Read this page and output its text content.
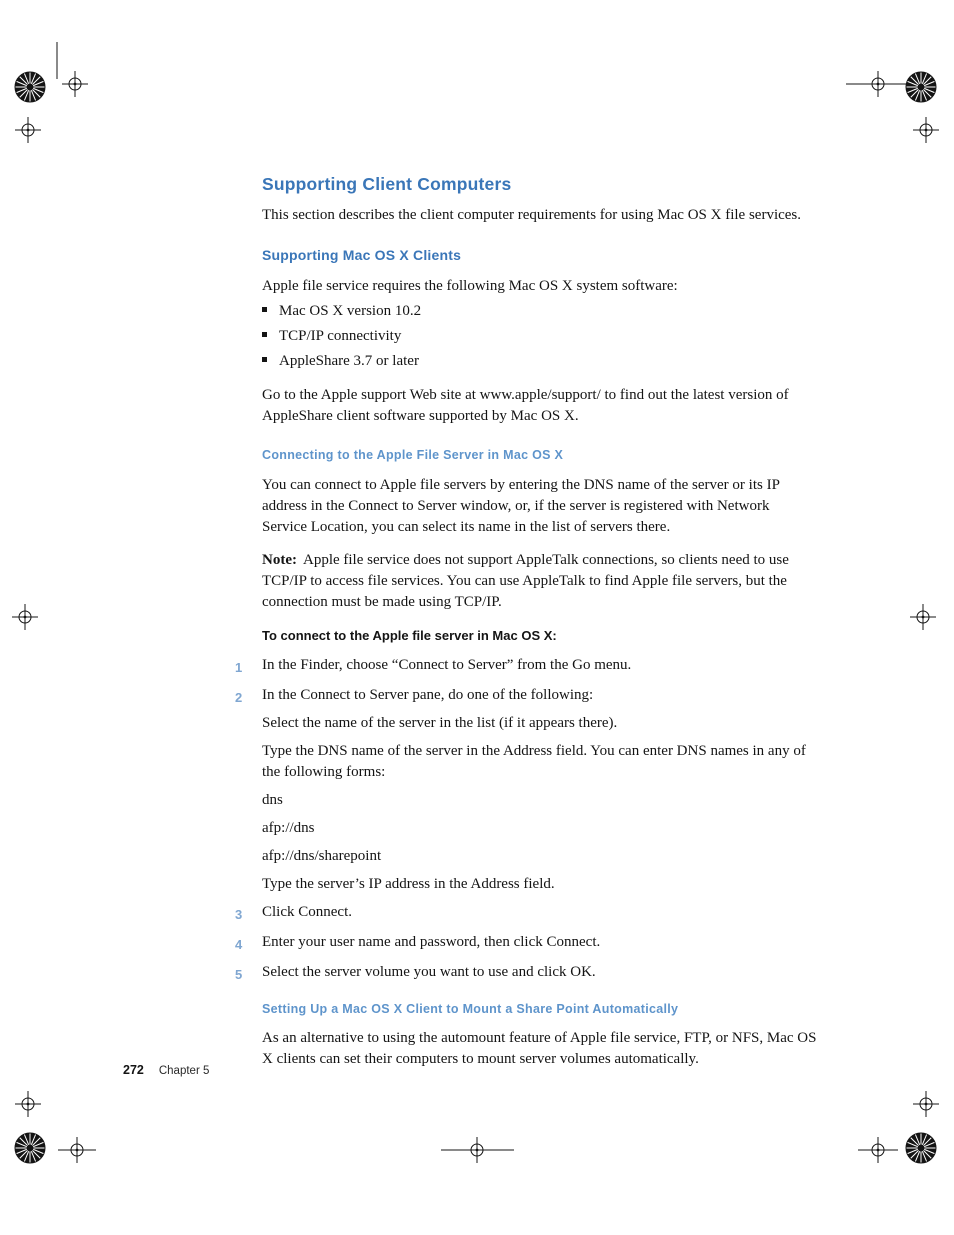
Supporting Client Computers

This section describes the client computer requirements for using Mac OS X file services.

Supporting Mac OS X Clients

Apple file service requires the following Mac OS X system software:

Mac OS X version 10.2
TCP/IP connectivity
AppleShare 3.7 or later

Go to the Apple support Web site at www.apple/support/ to find out the latest version of AppleShare client software supported by Mac OS X.

Connecting to the Apple File Server in Mac OS X

You can connect to Apple file servers by entering the DNS name of the server or its IP address in the Connect to Server window, or, if the server is registered with Network Service Location, you can select its name in the list of servers there.

Note: Apple file service does not support AppleTalk connections, so clients need to use TCP/IP to access file services. You can use AppleTalk to find Apple file servers, but the connection must be made using TCP/IP.

To connect to the Apple file server in Mac OS X:
1	In the Finder, choose “Connect to Server” from the Go menu.

2	In the Connect to Server pane, do one of the following:

Select the name of the server in the list (if it appears there).

Type the DNS name of the server in the Address field. You can enter DNS names in any of the following forms:

dns

afp://dns

afp://dns/sharepoint

Type the server’s IP address in the Address field.

3	Click Connect.

4	Enter your user name and password, then click Connect.

5	Select the server volume you want to use and click OK.

Setting Up a Mac OS X Client to Mount a Share Point Automatically

As an alternative to using the automount feature of Apple file service, FTP, or NFS, Mac OS X clients can set their computers to mount server volumes automatically.

272 Chapter 5
